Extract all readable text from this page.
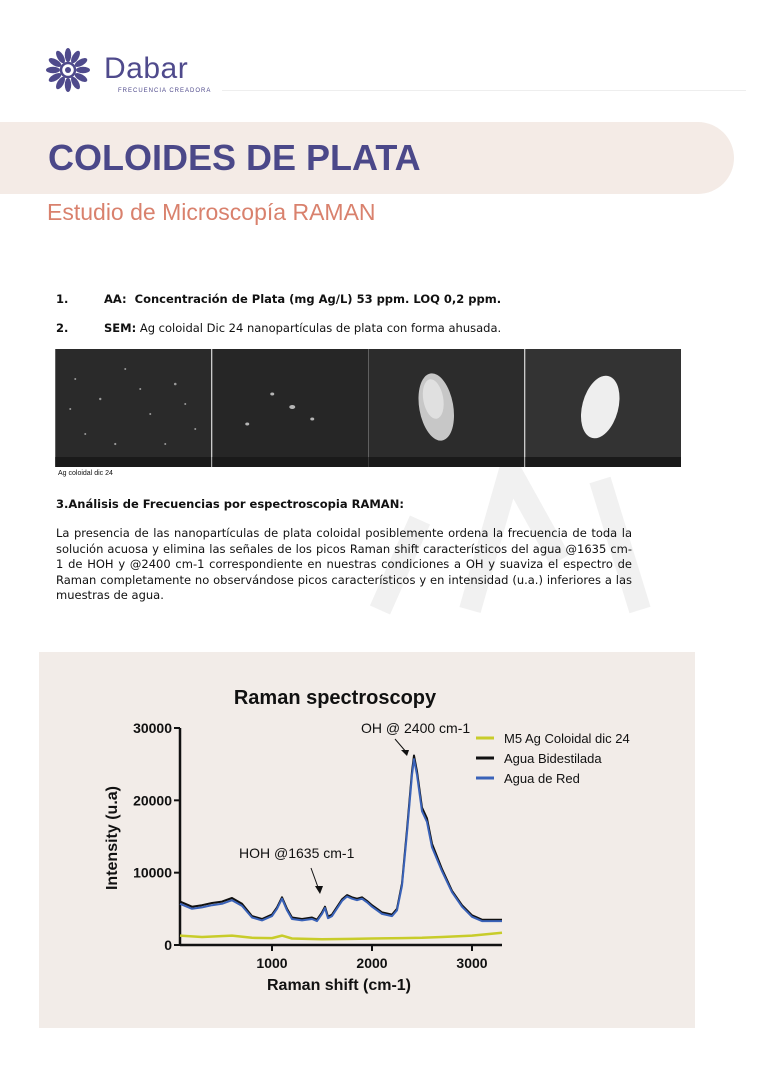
Dabar
FRECUENCIA CREADORA
COLOIDES DE PLATA
Estudio de Microscopía RAMAN
1.	AA: Concentración de Plata (mg Ag/L) 53 ppm. LOQ 0,2 ppm.
2.	SEM: Ag coloidal Dic 24 nanopartículas de plata con forma ahusada.
Ag coloidal dic 24
3.Análisis de Frecuencias por espectroscopia RAMAN:
La presencia de las nanopartículas de plata coloidal posiblemente ordena la frecuencia de toda la solución acuosa y elimina las señales de los picos Raman shift característicos del agua @1635 cm-1 de HOH y @2400 cm-1 correspondiente en nuestras condiciones a OH y suaviza el espectro de Raman completamente no observándose picos característicos y en intensidad (u.a.) inferiores a las muestras de agua.
Raman spectroscopy
0
10000
20000
30000
1000	2000	3000
Raman shift (cm-1)
Intensity (u.a)
OH @ 2400 cm-1
HOH @1635 cm-1
M5 Ag Coloidal dic 24
Agua Bidestilada
Agua de Red
